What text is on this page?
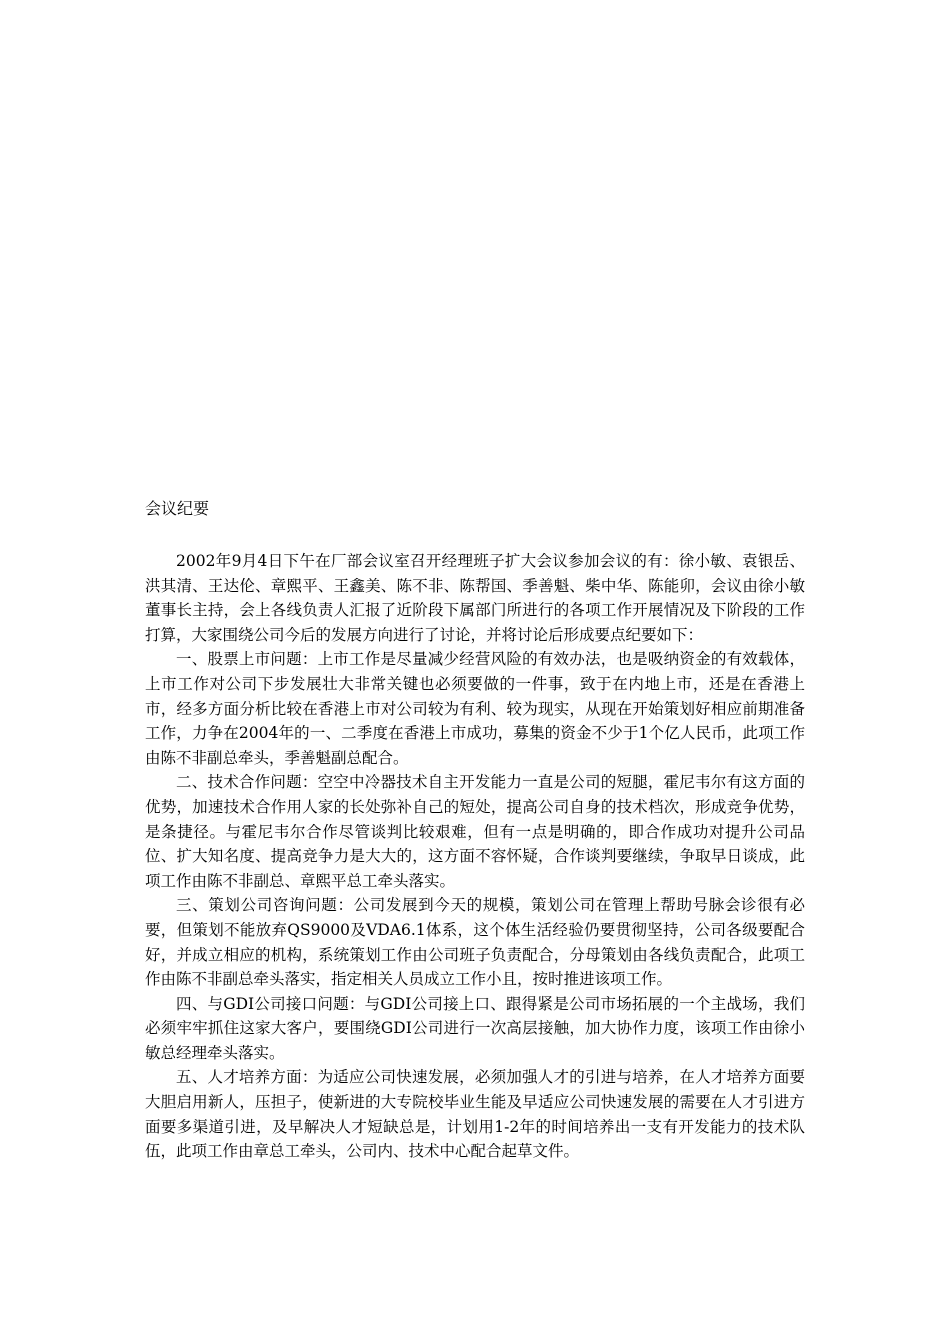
会议纪要

2002年9月4日下午在厂部会议室召开经理班子扩大会议参加会议的有：徐小敏、袁银岳、洪其清、王达伦、章熙平、王鑫美、陈不非、陈帮国、季善魁、柴中华、陈能卯，会议由徐小敏董事长主持，会上各线负责人汇报了近阶段下属部门所进行的各项工作开展情况及下阶段的工作打算，大家围绕公司今后的发展方向进行了讨论，并将讨论后形成要点纪要如下：

一、股票上市问题：上市工作是尽量减少经营风险的有效办法，也是吸纳资金的有效载体，上市工作对公司下步发展壮大非常关键也必须要做的一件事，致于在内地上市，还是在香港上市，经多方面分析比较在香港上市对公司较为有利、较为现实，从现在开始策划好相应前期准备工作，力争在2004年的一、二季度在香港上市成功，募集的资金不少于1个亿人民币，此项工作由陈不非副总牵头，季善魁副总配合。

二、技术合作问题：空空中冷器技术自主开发能力一直是公司的短腿，霍尼韦尔有这方面的优势，加速技术合作用人家的长处弥补自己的短处，提高公司自身的技术档次，形成竞争优势，是条捷径。与霍尼韦尔合作尽管谈判比较艰难，但有一点是明确的，即合作成功对提升公司品位、扩大知名度、提高竞争力是大大的，这方面不容怀疑，合作谈判要继续，争取早日谈成，此项工作由陈不非副总、章熙平总工牵头落实。

三、策划公司咨询问题：公司发展到今天的规模，策划公司在管理上帮助号脉会诊很有必要，但策划不能放弃QS9000及VDA6.1体系，这个体生活经验仍要贯彻坚持，公司各级要配合好，并成立相应的机构，系统策划工作由公司班子负责配合，分母策划由各线负责配合，此项工作由陈不非副总牵头落实，指定相关人员成立工作小且，按时推进该项工作。

四、与GDI公司接口问题：与GDI公司接上口、跟得紧是公司市场拓展的一个主战场，我们必须牢牢抓住这家大客户，要围绕GDI公司进行一次高层接触，加大协作力度，该项工作由徐小敏总经理牵头落实。

五、人才培养方面：为适应公司快速发展，必须加强人才的引进与培养，在人才培养方面要大胆启用新人，压担子，使新进的大专院校毕业生能及早适应公司快速发展的需要在人才引进方面要多渠道引进，及早解决人才短缺总是，计划用1-2年的时间培养出一支有开发能力的技术队伍，此项工作由章总工牵头，公司内、技术中心配合起草文件。
